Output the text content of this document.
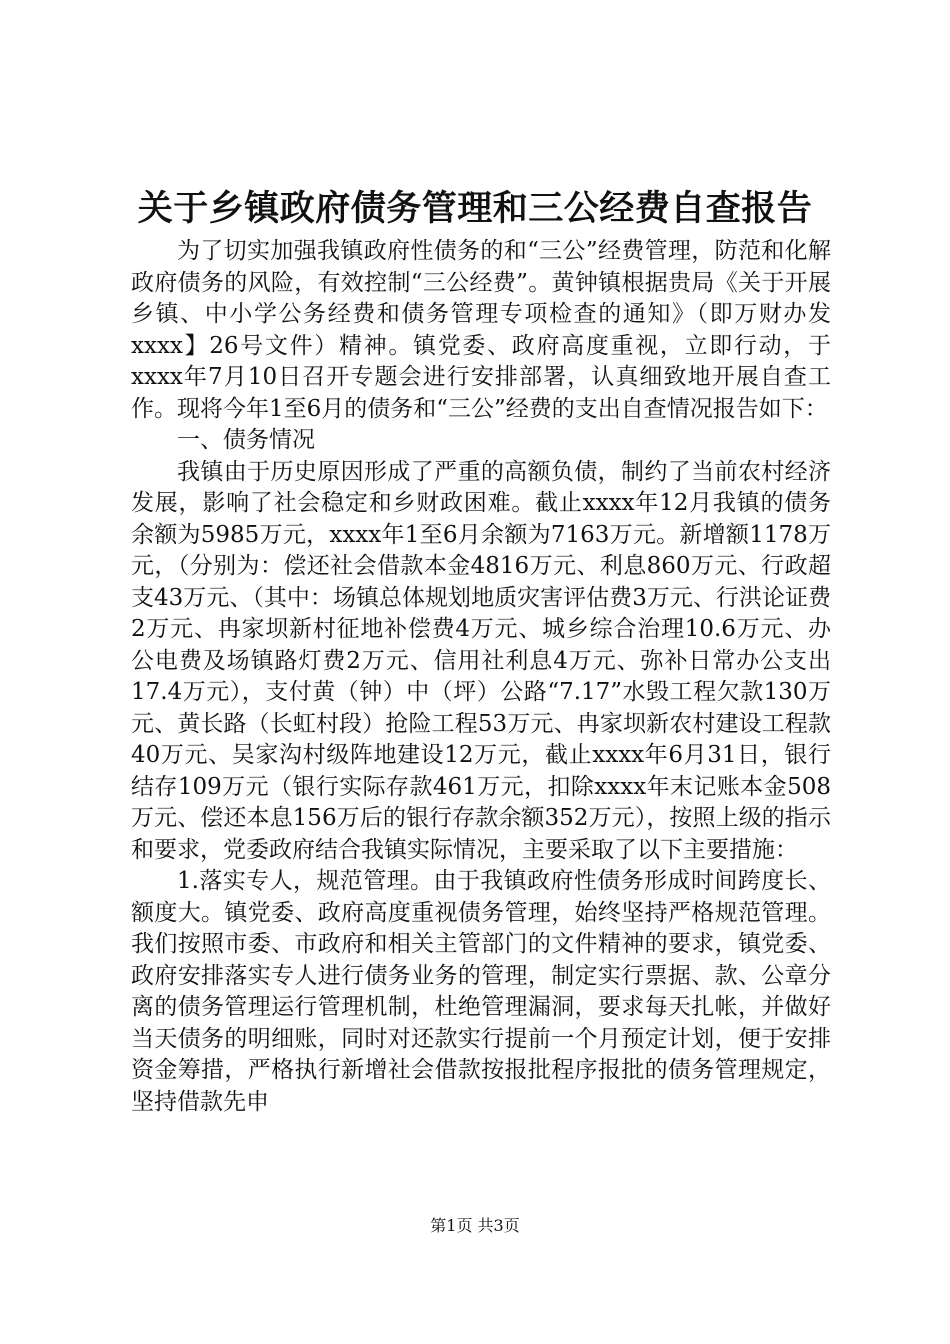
关于乡镇政府债务管理和三公经费自查报告

为了切实加强我镇政府性债务的和“三公”经费管理，防范和化解政府债务的风险，有效控制“三公经费”。黄钟镇根据贵局《关于开展乡镇、中小学公务经费和债务管理专项检查的通知》（即万财办发xxxx】26号文件）精神。镇党委、政府高度重视，立即行动，于xxxx年7月10日召开专题会进行安排部署，认真细致地开展自查工作。现将今年1至6月的债务和“三公”经费的支出自查情况报告如下：

一、债务情况

我镇由于历史原因形成了严重的高额负债，制约了当前农村经济发展，影响了社会稳定和乡财政困难。截止xxxx年12月我镇的债务余额为5985万元，xxxx年1至6月余额为7163万元。新增额1178万元，（分别为：偿还社会借款本金4816万元、利息860万元、行政超支43万元、（其中：场镇总体规划地质灾害评估费3万元、行洪论证费2万元、冉家坝新村征地补偿费4万元、城乡综合治理10.6万元、办公电费及场镇路灯费2万元、信用社利息4万元、弥补日常办公支出17.4万元），支付黄（钟）中（坪）公路“7.17”水毁工程欠款130万元、黄长路（长虹村段）抢险工程53万元、冉家坝新农村建设工程款40万元、吴家沟村级阵地建设12万元，截止xxxx年6月31日，银行结存109万元（银行实际存款461万元，扣除xxxx年末记账本金508万元、偿还本息156万后的银行存款余额352万元），按照上级的指示和要求，党委政府结合我镇实际情况，主要采取了以下主要措施：

1.落实专人，规范管理。由于我镇政府性债务形成时间跨度长、额度大。镇党委、政府高度重视债务管理，始终坚持严格规范管理。我们按照市委、市政府和相关主管部门的文件精神的要求，镇党委、政府安排落实专人进行债务业务的管理，制定实行票据、款、公章分离的债务管理运行管理机制，杜绝管理漏洞，要求每天扎帐，并做好当天债务的明细账，同时对还款实行提前一个月预定计划，便于安排资金筹措，严格执行新增社会借款按报批程序报批的债务管理规定，坚持借款先申

第1页 共3页
